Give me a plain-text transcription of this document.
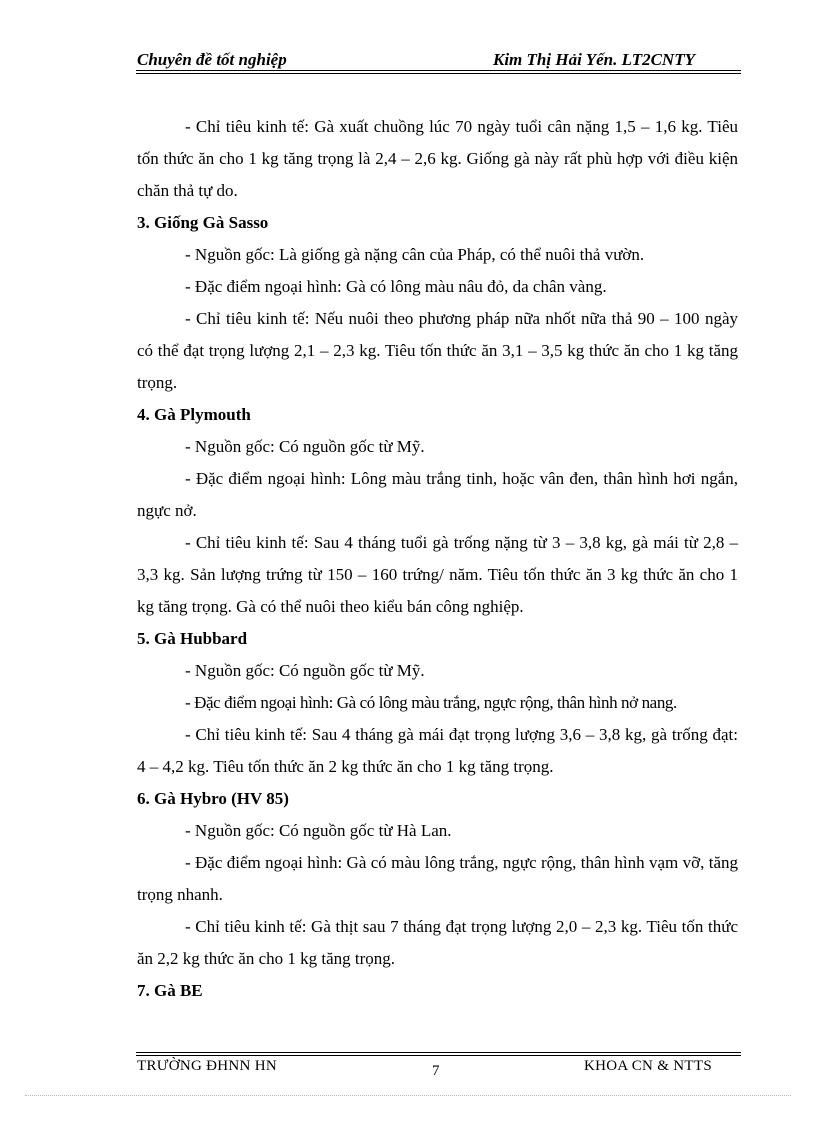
Chuyên đề tốt nghiệp	Kim Thị Hải Yến. LT2CNTY

- Chỉ tiêu kinh tế: Gà xuất chuồng lúc 70 ngày tuổi cân nặng 1,5 – 1,6 kg. Tiêu tốn thức ăn cho 1 kg tăng trọng là 2,4 – 2,6 kg. Giống gà này rất phù hợp với điều kiện chăn thả tự do.

3. Giống Gà Sasso

- Nguồn gốc: Là giống gà nặng cân của Pháp, có thể nuôi thả vườn.

- Đặc điểm ngoại hình: Gà có lông màu nâu đỏ, da chân vàng.

- Chỉ tiêu kinh tế: Nếu nuôi theo phương pháp nữa nhốt nữa thả 90 – 100 ngày có thể đạt trọng lượng 2,1 – 2,3 kg. Tiêu tốn thức ăn 3,1 – 3,5 kg thức ăn cho 1 kg tăng trọng.

4. Gà Plymouth

- Nguồn gốc: Có nguồn gốc từ Mỹ.

- Đặc điểm ngoại hình: Lông màu trắng tinh, hoặc vân đen, thân hình hơi ngắn, ngực nở.

- Chỉ tiêu kinh tế: Sau 4 tháng tuổi gà trống nặng từ 3 – 3,8 kg, gà mái từ 2,8 – 3,3 kg. Sản lượng trứng từ 150 – 160 trứng/ năm. Tiêu tốn thức ăn 3 kg thức ăn cho 1 kg tăng trọng. Gà có thể nuôi theo kiểu bán công nghiệp.

5. Gà Hubbard

- Nguồn gốc: Có nguồn gốc từ Mỹ.

- Đặc điểm ngoại hình: Gà có lông màu trắng, ngực rộng, thân hình nở nang.

- Chỉ tiêu kinh tế: Sau 4 tháng gà mái đạt trọng lượng 3,6 – 3,8 kg, gà trống đạt: 4 – 4,2 kg. Tiêu tốn thức ăn 2 kg thức ăn cho 1 kg tăng trọng.

6. Gà Hybro (HV 85)

- Nguồn gốc: Có nguồn gốc từ Hà Lan.

- Đặc điểm ngoại hình: Gà có màu lông trắng, ngực rộng, thân hình vạm vỡ, tăng trọng nhanh.

- Chỉ tiêu kinh tế: Gà thịt sau 7 tháng đạt trọng lượng 2,0 – 2,3 kg. Tiêu tốn thức ăn 2,2 kg thức ăn cho 1 kg tăng trọng.

7. Gà BE

TRƯỜNG ĐHNN HN	7	KHOA CN & NTTS
